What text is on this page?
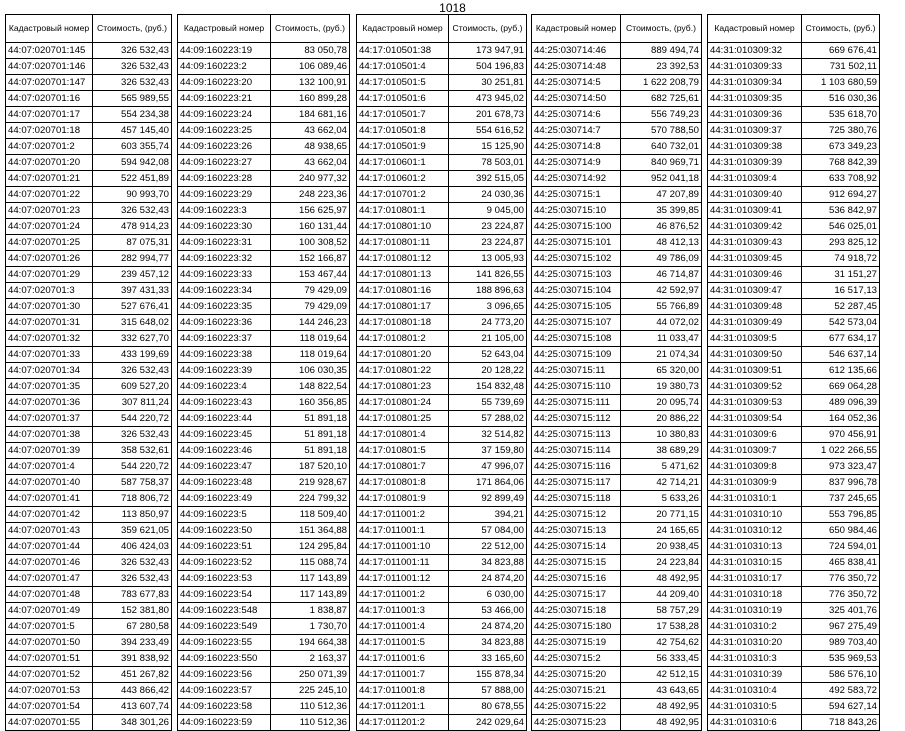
1018
Кадастровый номер	Стоимость, (руб.)
44:07:020701:145	326 532,43
44:07:020701:146	326 532,43
44:07:020701:147	326 532,43
44:07:020701:16	565 989,55
44:07:020701:17	554 234,38
44:07:020701:18	457 145,40
44:07:020701:2	603 355,74
44:07:020701:20	594 942,08
44:07:020701:21	522 451,89
44:07:020701:22	90 993,70
44:07:020701:23	326 532,43
44:07:020701:24	478 914,23
44:07:020701:25	87 075,31
44:07:020701:26	282 994,77
44:07:020701:29	239 457,12
44:07:020701:3	397 431,33
44:07:020701:30	527 676,41
44:07:020701:31	315 648,02
44:07:020701:32	332 627,70
44:07:020701:33	433 199,69
44:07:020701:34	326 532,43
44:07:020701:35	609 527,20
44:07:020701:36	307 811,24
44:07:020701:37	544 220,72
44:07:020701:38	326 532,43
44:07:020701:39	358 532,61
44:07:020701:4	544 220,72
44:07:020701:40	587 758,37
44:07:020701:41	718 806,72
44:07:020701:42	113 850,97
44:07:020701:43	359 621,05
44:07:020701:44	406 424,03
44:07:020701:46	326 532,43
44:07:020701:47	326 532,43
44:07:020701:48	783 677,83
44:07:020701:49	152 381,80
44:07:020701:5	67 280,58
44:07:020701:50	394 233,49
44:07:020701:51	391 838,92
44:07:020701:52	451 267,82
44:07:020701:53	443 866,42
44:07:020701:54	413 607,74
44:07:020701:55	348 301,26
Кадастровый номер	Стоимость, (руб.)
44:09:160223:19	83 050,78
44:09:160223:2	106 089,46
44:09:160223:20	132 100,91
44:09:160223:21	160 899,28
44:09:160223:24	184 681,16
44:09:160223:25	43 662,04
44:09:160223:26	48 938,65
44:09:160223:27	43 662,04
44:09:160223:28	240 977,32
44:09:160223:29	248 223,36
44:09:160223:3	156 625,97
44:09:160223:30	160 131,44
44:09:160223:31	100 308,52
44:09:160223:32	152 166,87
44:09:160223:33	153 467,44
44:09:160223:34	79 429,09
44:09:160223:35	79 429,09
44:09:160223:36	144 246,23
44:09:160223:37	118 019,64
44:09:160223:38	118 019,64
44:09:160223:39	106 030,35
44:09:160223:4	148 822,54
44:09:160223:43	160 356,85
44:09:160223:44	51 891,18
44:09:160223:45	51 891,18
44:09:160223:46	51 891,18
44:09:160223:47	187 520,10
44:09:160223:48	219 928,67
44:09:160223:49	224 799,32
44:09:160223:5	118 509,40
44:09:160223:50	151 364,88
44:09:160223:51	124 295,84
44:09:160223:52	115 088,74
44:09:160223:53	117 143,89
44:09:160223:54	117 143,89
44:09:160223:548	1 838,87
44:09:160223:549	1 730,70
44:09:160223:55	194 664,38
44:09:160223:550	2 163,37
44:09:160223:56	250 071,39
44:09:160223:57	225 245,10
44:09:160223:58	110 512,36
44:09:160223:59	110 512,36
Кадастровый номер	Стоимость, (руб.)
44:17:010501:38	173 947,91
44:17:010501:4	504 196,83
44:17:010501:5	30 251,81
44:17:010501:6	473 945,02
44:17:010501:7	201 678,73
44:17:010501:8	554 616,52
44:17:010501:9	15 125,90
44:17:010601:1	78 503,01
44:17:010601:2	392 515,05
44:17:010701:2	24 030,36
44:17:010801:1	9 045,00
44:17:010801:10	23 224,87
44:17:010801:11	23 224,87
44:17:010801:12	13 005,93
44:17:010801:13	141 826,55
44:17:010801:16	188 896,63
44:17:010801:17	3 096,65
44:17:010801:18	24 773,20
44:17:010801:2	21 105,00
44:17:010801:20	52 643,04
44:17:010801:22	20 128,22
44:17:010801:23	154 832,48
44:17:010801:24	55 739,69
44:17:010801:25	57 288,02
44:17:010801:4	32 514,82
44:17:010801:5	37 159,80
44:17:010801:7	47 996,07
44:17:010801:8	171 864,06
44:17:010801:9	92 899,49
44:17:011001:2	394,21
44:17:011001:1	57 084,00
44:17:011001:10	22 512,00
44:17:011001:11	34 823,88
44:17:011001:12	24 874,20
44:17:011001:2	6 030,00
44:17:011001:3	53 466,00
44:17:011001:4	24 874,20
44:17:011001:5	34 823,88
44:17:011001:6	33 165,60
44:17:011001:7	155 878,34
44:17:011001:8	57 888,00
44:17:011201:1	80 678,55
44:17:011201:2	242 029,64
Кадастровый номер	Стоимость, (руб.)
44:25:030714:46	889 494,74
44:25:030714:48	23 392,53
44:25:030714:5	1 622 208,79
44:25:030714:50	682 725,61
44:25:030714:6	556 749,23
44:25:030714:7	570 788,50
44:25:030714:8	640 732,01
44:25:030714:9	840 969,71
44:25:030714:92	952 041,18
44:25:030715:1	47 207,89
44:25:030715:10	35 399,85
44:25:030715:100	46 876,52
44:25:030715:101	48 412,13
44:25:030715:102	49 786,09
44:25:030715:103	46 714,87
44:25:030715:104	42 592,97
44:25:030715:105	55 766,89
44:25:030715:107	44 072,02
44:25:030715:108	11 033,47
44:25:030715:109	21 074,34
44:25:030715:11	65 320,00
44:25:030715:110	19 380,73
44:25:030715:111	20 095,74
44:25:030715:112	20 886,22
44:25:030715:113	10 380,83
44:25:030715:114	38 689,29
44:25:030715:116	5 471,62
44:25:030715:117	42 714,21
44:25:030715:118	5 633,26
44:25:030715:12	20 771,15
44:25:030715:13	24 165,65
44:25:030715:14	20 938,45
44:25:030715:15	24 223,84
44:25:030715:16	48 492,95
44:25:030715:17	44 209,40
44:25:030715:18	58 757,29
44:25:030715:180	17 538,28
44:25:030715:19	42 754,62
44:25:030715:2	56 333,45
44:25:030715:20	42 512,15
44:25:030715:21	43 643,65
44:25:030715:22	48 492,95
44:25:030715:23	48 492,95
Кадастровый номер	Стоимость, (руб.)
44:31:010309:32	669 676,41
44:31:010309:33	731 502,11
44:31:010309:34	1 103 680,59
44:31:010309:35	516 030,36
44:31:010309:36	535 618,70
44:31:010309:37	725 380,76
44:31:010309:38	673 349,23
44:31:010309:39	768 842,39
44:31:010309:4	633 708,92
44:31:010309:40	912 694,27
44:31:010309:41	536 842,97
44:31:010309:42	546 025,01
44:31:010309:43	293 825,12
44:31:010309:45	74 918,72
44:31:010309:46	31 151,27
44:31:010309:47	16 517,13
44:31:010309:48	52 287,45
44:31:010309:49	542 573,04
44:31:010309:5	677 634,17
44:31:010309:50	546 637,14
44:31:010309:51	612 135,66
44:31:010309:52	669 064,28
44:31:010309:53	489 096,39
44:31:010309:54	164 052,36
44:31:010309:6	970 456,91
44:31:010309:7	1 022 266,55
44:31:010309:8	973 323,47
44:31:010309:9	837 996,78
44:31:010310:1	737 245,65
44:31:010310:10	553 796,85
44:31:010310:12	650 984,46
44:31:010310:13	724 594,01
44:31:010310:15	465 838,41
44:31:010310:17	776 350,72
44:31:010310:18	776 350,72
44:31:010310:19	325 401,76
44:31:010310:2	967 275,49
44:31:010310:20	989 703,40
44:31:010310:3	535 969,53
44:31:010310:39	586 576,10
44:31:010310:4	492 583,72
44:31:010310:5	594 627,14
44:31:010310:6	718 843,26
